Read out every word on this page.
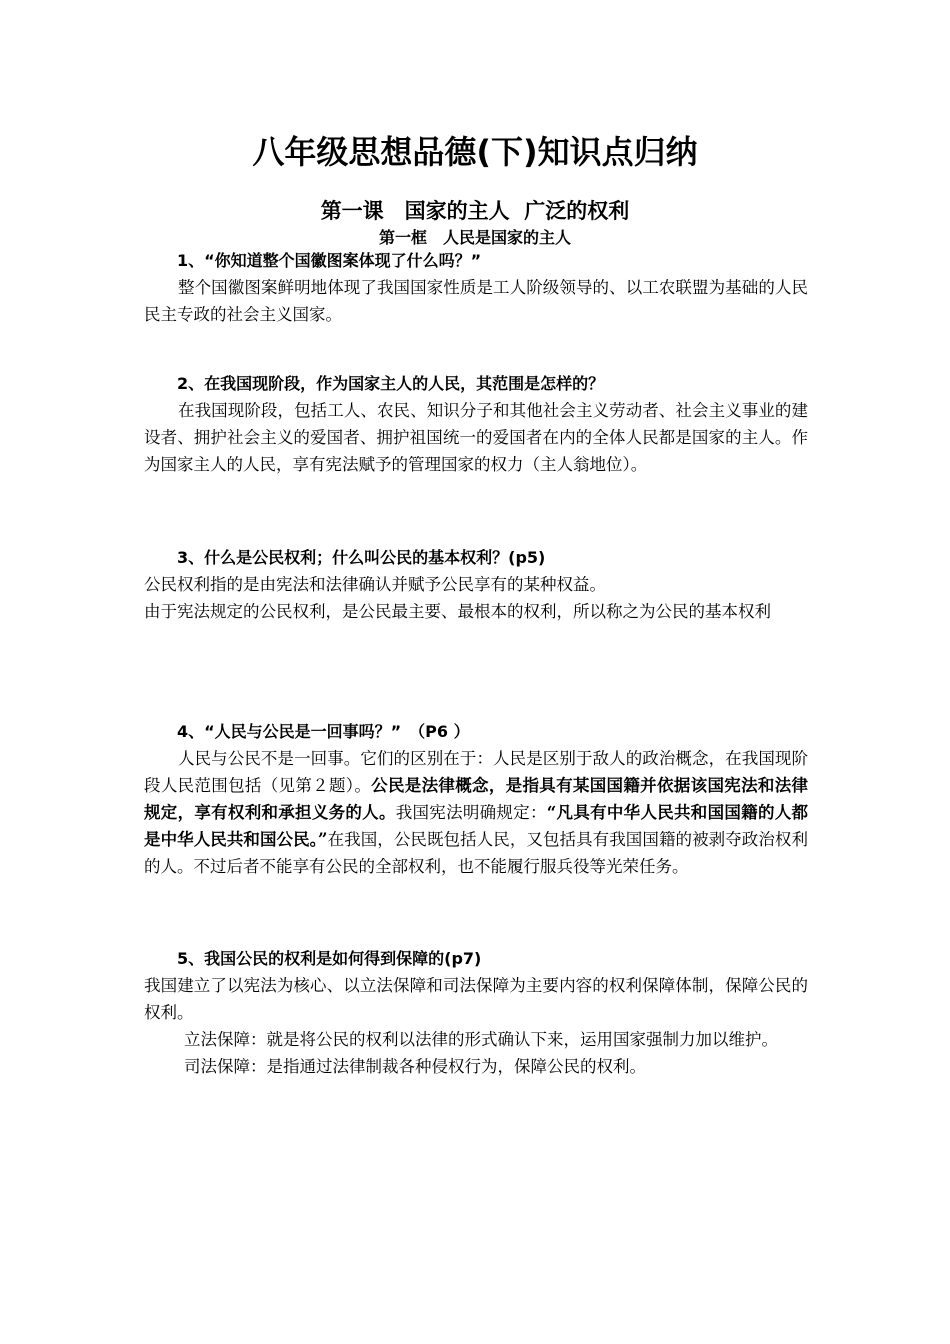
八年级思想品德(下)知识点归纳
第一课　国家的主人  广泛的权利
第一框　人民是国家的主人
1、“你知道整个国徽图案体现了什么吗？”
整个国徽图案鲜明地体现了我国国家性质是工人阶级领导的、以工农联盟为基础的人民民主专政的社会主义国家。
2、在我国现阶段，作为国家主人的人民，其范围是怎样的？
在我国现阶段，包括工人、农民、知识分子和其他社会主义劳动者、社会主义事业的建设者、拥护社会主义的爱国者、拥护祖国统一的爱国者在内的全体人民都是国家的主人。作为国家主人的人民，享有宪法赋予的管理国家的权力（主人翁地位）。
3、什么是公民权利；什么叫公民的基本权利？(p5)
公民权利指的是由宪法和法律确认并赋予公民享有的某种权益。
由于宪法规定的公民权利，是公民最主要、最根本的权利，所以称之为公民的基本权利
4、“人民与公民是一回事吗？”　（P6 ）
人民与公民不是一回事。它们的区别在于：人民是区别于敌人的政治概念，在我国现阶段人民范围包括（见第２题）。公民是法律概念，是指具有某国国籍并依据该国宪法和法律规定，享有权利和承担义务的人。我国宪法明确规定：“凡具有中华人民共和国国籍的人都是中华人民共和国公民。”在我国，公民既包括人民，又包括具有我国国籍的被剥夺政治权利的人。不过后者不能享有公民的全部权利，也不能履行服兵役等光荣任务。
5、我国公民的权利是如何得到保障的(p7)
我国建立了以宪法为核心、以立法保障和司法保障为主要内容的权利保障体制，保障公民的权利。
立法保障：就是将公民的权利以法律的形式确认下来，运用国家强制力加以维护。
司法保障：是指通过法律制裁各种侵权行为，保障公民的权利。
